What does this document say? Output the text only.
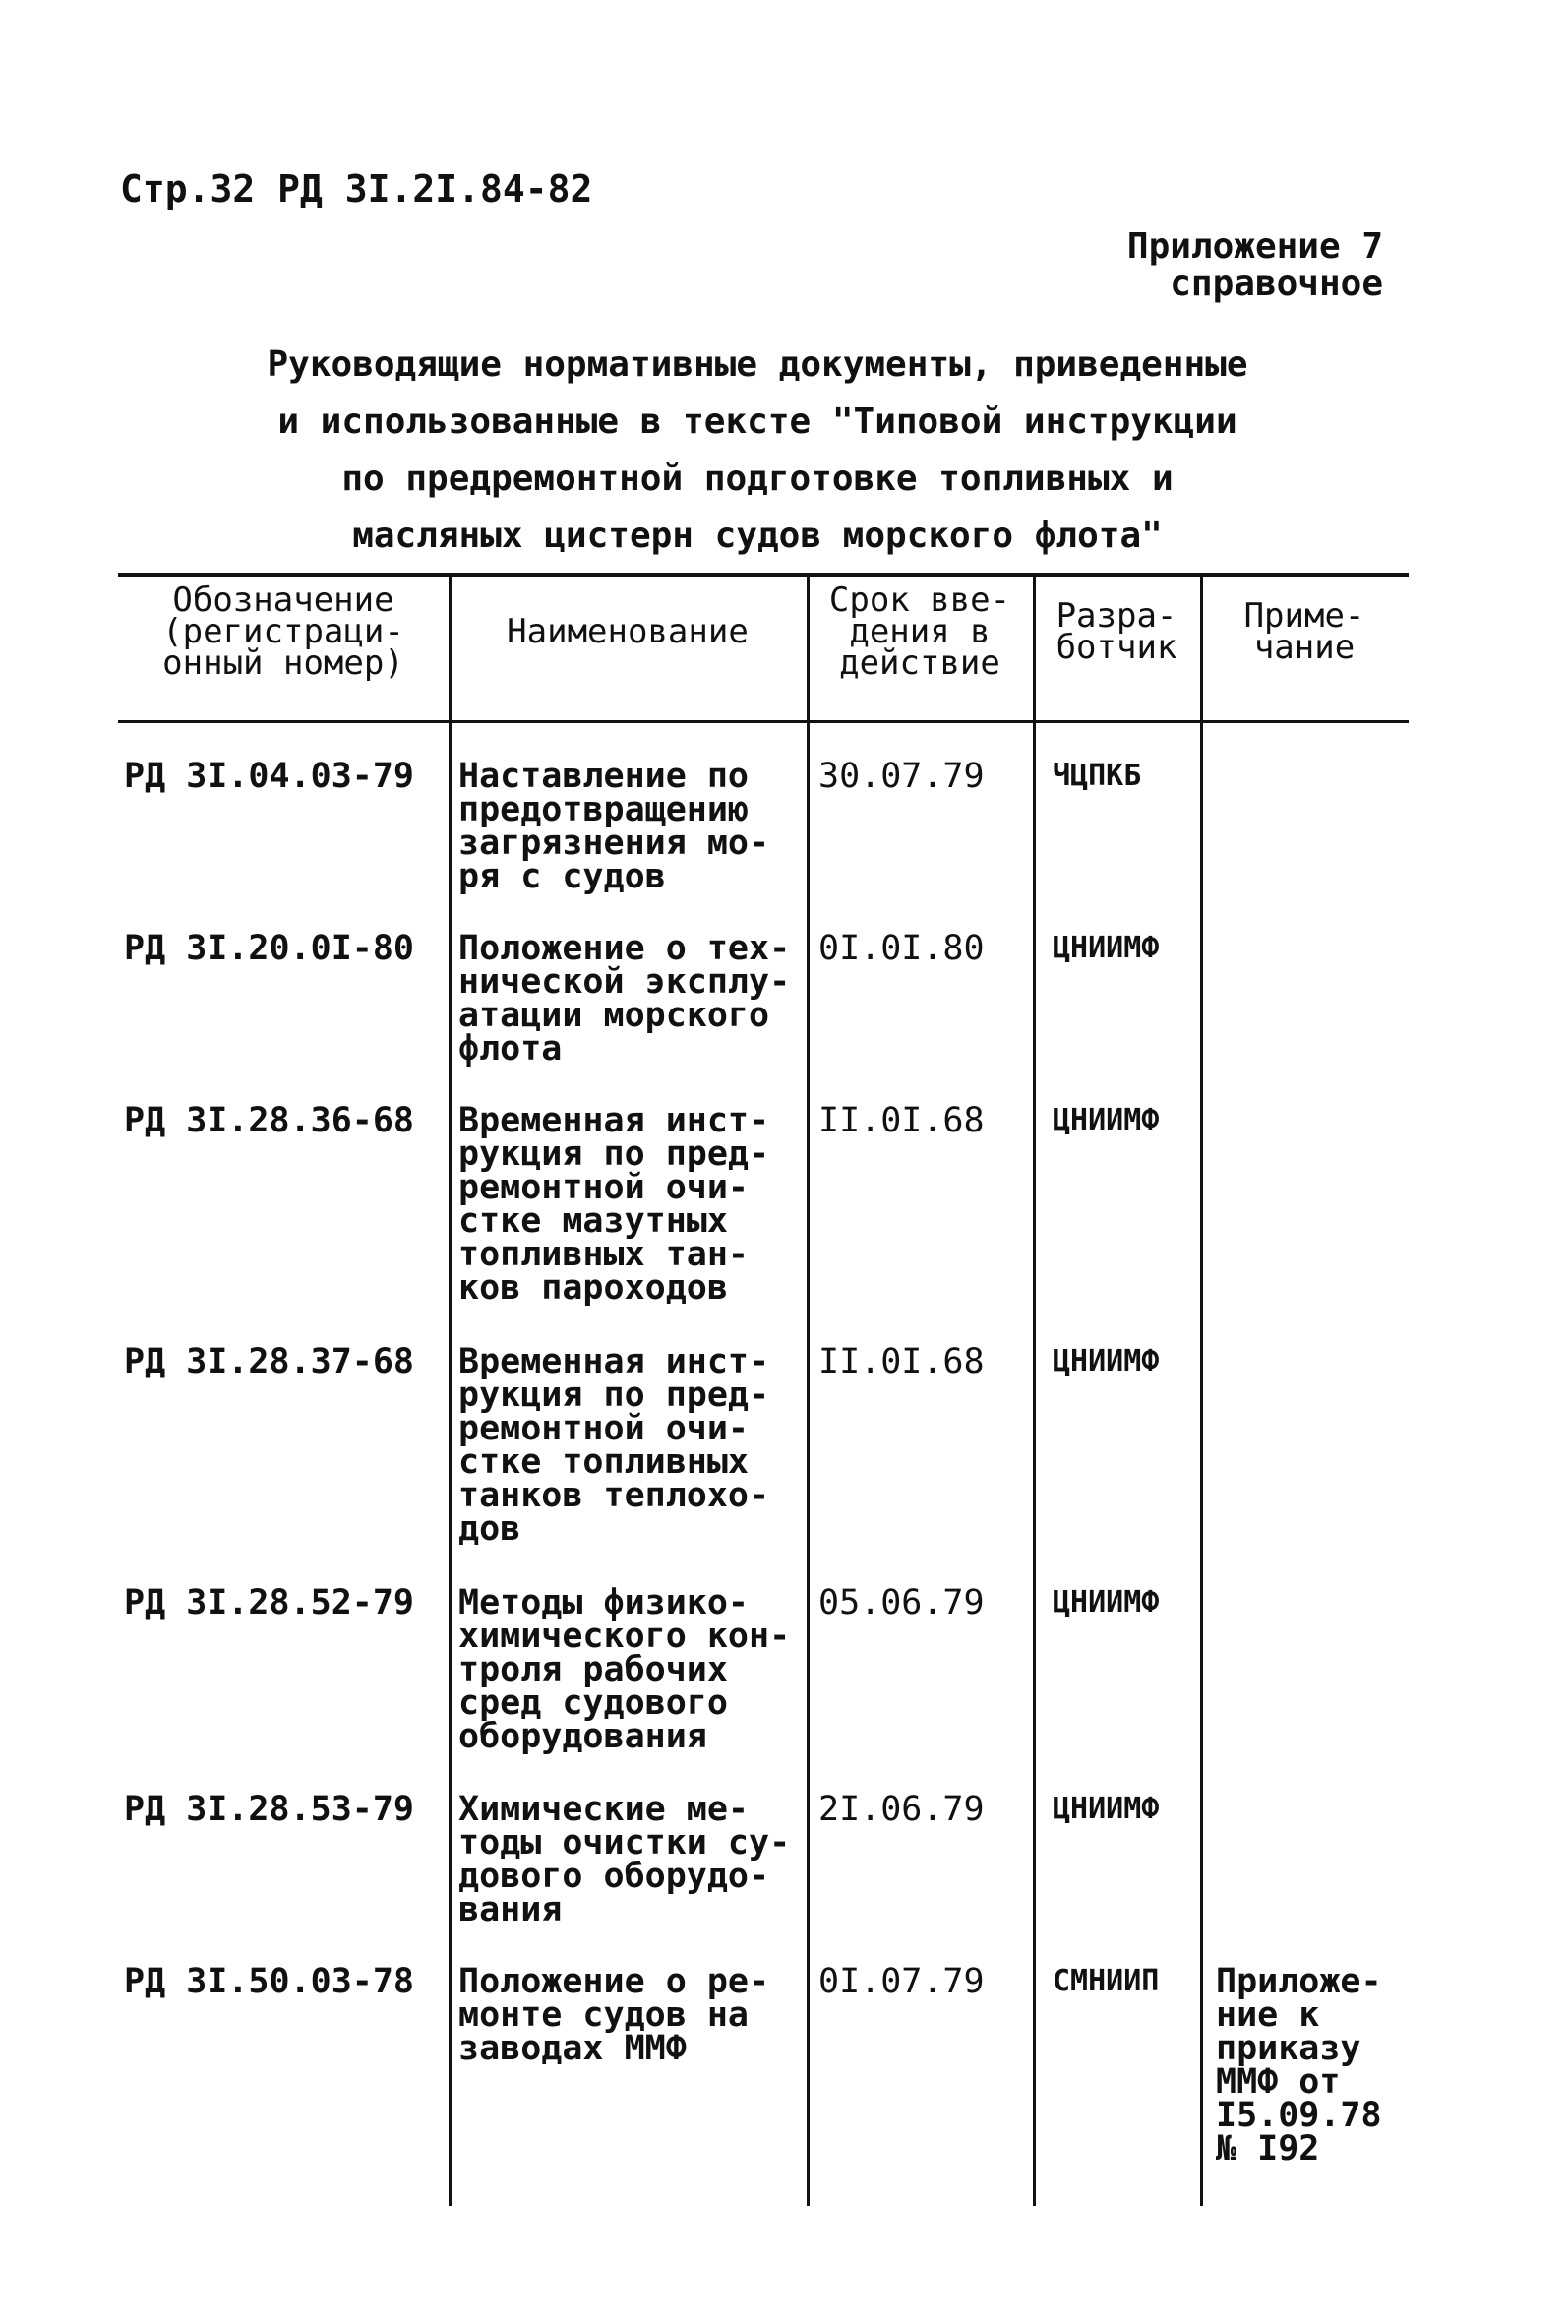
Стр.32 РД 3I.2I.84-82
Приложение 7
справочное
Руководящие нормативные документы, приведенные
и использованные в тексте "Типовой инструкции
по предремонтной подготовке топливных и
масляных цистерн судов морского флота"
Обозначение
(регистраци-
онный номер)
Наименование
Срок вве-
дения в
действие
Разра-
ботчик
Приме-
чание
РД 3I.04.03-79 Наставление по
предотвращению
загрязнения мо-
ря с судов
30.07.79 ЧЦПКБ
РД 3I.20.0I-80 Положение о тех-
нической эксплу-
атации морского
флота
0I.0I.80 ЦНИИМФ
РД 3I.28.36-68 Временная инст-
рукция по пред-
ремонтной очи-
стке мазутных
топливных тан-
ков пароходов
II.0I.68 ЦНИИМФ
РД 3I.28.37-68 Временная инст-
рукция по пред-
ремонтной очи-
стке топливных
танков теплохо-
дов
II.0I.68 ЦНИИМФ
РД 3I.28.52-79 Методы физико-
химического кон-
троля рабочих
сред судового
оборудования
05.06.79 ЦНИИМФ
РД 3I.28.53-79 Химические ме-
тоды очистки су-
дового оборудо-
вания
2I.06.79 ЦНИИМФ
РД 3I.50.03-78 Положение о ре-
монте судов на
заводах ММФ
0I.07.79 СМНИИП Приложе-
ние к
приказу
ММФ от
I5.09.78
№ I92
